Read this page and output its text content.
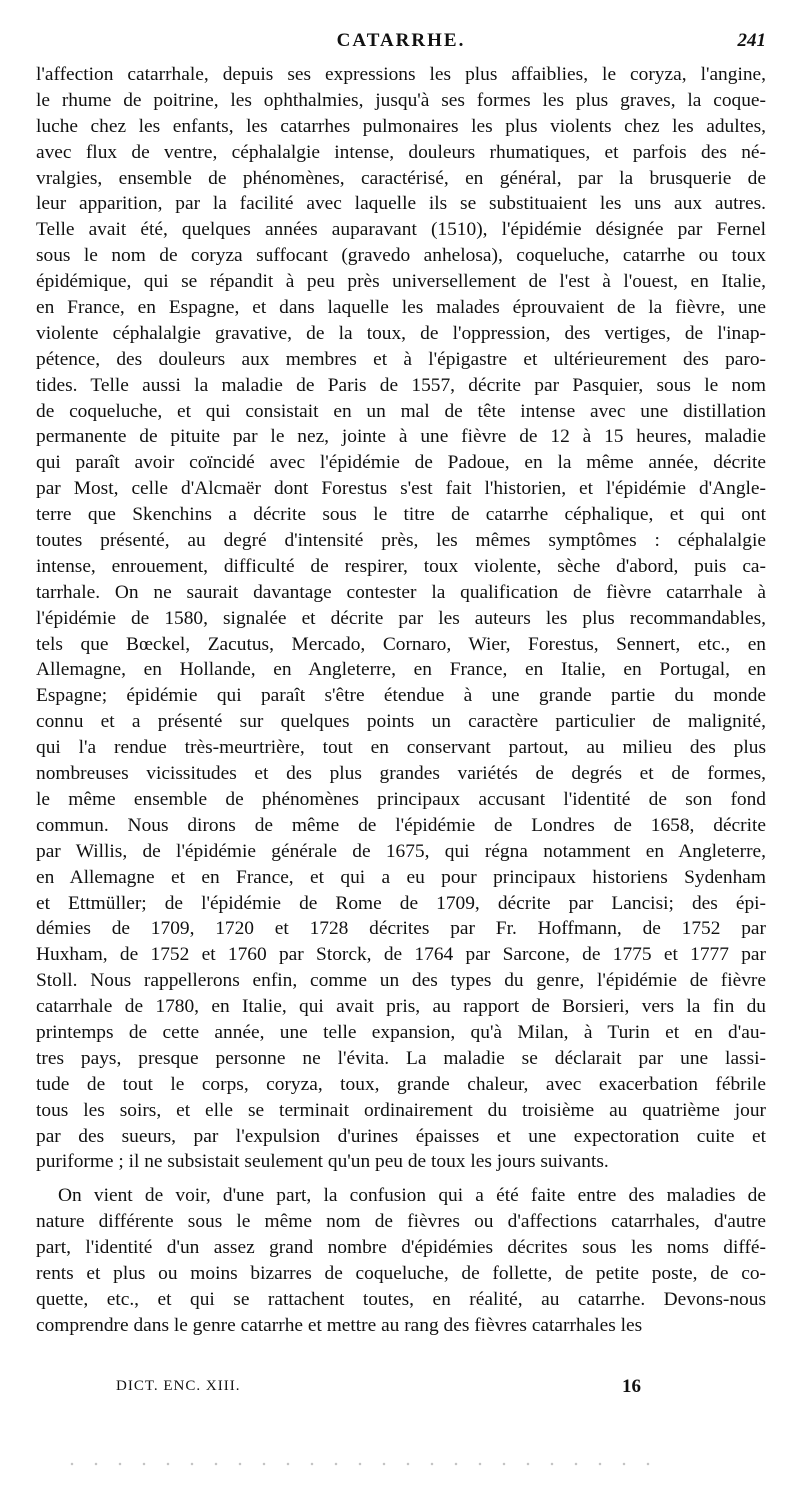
CATARRHE.	241
l'affection catarrhale, depuis ses expressions les plus affaiblies, le coryza, l'angine,
le rhume de poitrine, les ophthalmies, jusqu'à ses formes les plus graves, la coque-
luche chez les enfants, les catarrhes pulmonaires les plus violents chez les adultes,
avec flux de ventre, céphalalgie intense, douleurs rhumatiques, et parfois des né-
vralgies, ensemble de phénomènes, caractérisé, en général, par la brusquerie de
leur apparition, par la facilité avec laquelle ils se substituaient les uns aux autres.
Telle avait été, quelques années auparavant (1510), l'épidémie désignée par Fernel
sous le nom de coryza suffocant (gravedo anhelosa), coqueluche, catarrhe ou toux
épidémique, qui se répandit à peu près universellement de l'est à l'ouest, en Italie,
en France, en Espagne, et dans laquelle les malades éprouvaient de la fièvre, une
violente céphalalgie gravative, de la toux, de l'oppression, des vertiges, de l'inap-
pétence, des douleurs aux membres et à l'épigastre et ultérieurement des paro-
tides. Telle aussi la maladie de Paris de 1557, décrite par Pasquier, sous le nom
de coqueluche, et qui consistait en un mal de tête intense avec une distillation
permanente de pituite par le nez, jointe à une fièvre de 12 à 15 heures, maladie
qui paraît avoir coïncidé avec l'épidémie de Padoue, en la même année, décrite
par Most, celle d'Alcmaër dont Forestus s'est fait l'historien, et l'épidémie d'Angle-
terre que Skenchins a décrite sous le titre de catarrhe céphalique, et qui ont
toutes présenté, au degré d'intensité près, les mêmes symptômes : céphalalgie
intense, enrouement, difficulté de respirer, toux violente, sèche d'abord, puis ca-
tarrhale. On ne saurait davantage contester la qualification de fièvre catarrhale à
l'épidémie de 1580, signalée et décrite par les auteurs les plus recommandables,
tels que Bœckel, Zacutus, Mercado, Cornaro, Wier, Forestus, Sennert, etc., en
Allemagne, en Hollande, en Angleterre, en France, en Italie, en Portugal, en
Espagne; épidémie qui paraît s'être étendue à une grande partie du monde
connu et a présenté sur quelques points un caractère particulier de malignité,
qui l'a rendue très-meurtrière, tout en conservant partout, au milieu des plus
nombreuses vicissitudes et des plus grandes variétés de degrés et de formes,
le même ensemble de phénomènes principaux accusant l'identité de son fond
commun. Nous dirons de même de l'épidémie de Londres de 1658, décrite
par Willis, de l'épidémie générale de 1675, qui régna notamment en Angleterre,
en Allemagne et en France, et qui a eu pour principaux historiens Sydenham
et Ettmüller; de l'épidémie de Rome de 1709, décrite par Lancisi; des épi-
démies de 1709, 1720 et 1728 décrites par Fr. Hoffmann, de 1752 par
Huxham, de 1752 et 1760 par Storck, de 1764 par Sarcone, de 1775 et 1777 par
Stoll. Nous rappellerons enfin, comme un des types du genre, l'épidémie de fièvre
catarrhale de 1780, en Italie, qui avait pris, au rapport de Borsieri, vers la fin du
printemps de cette année, une telle expansion, qu'à Milan, à Turin et en d'au-
tres pays, presque personne ne l'évita. La maladie se déclarait par une lassi-
tude de tout le corps, coryza, toux, grande chaleur, avec exacerbation fébrile
tous les soirs, et elle se terminait ordinairement du troisième au quatrième jour
par des sueurs, par l'expulsion d'urines épaisses et une expectoration cuite et
puriforme ; il ne subsistait seulement qu'un peu de toux les jours suivants.
On vient de voir, d'une part, la confusion qui a été faite entre des maladies de
nature différente sous le même nom de fièvres ou d'affections catarrhales, d'autre
part, l'identité d'un assez grand nombre d'épidémies décrites sous les noms diffé-
rents et plus ou moins bizarres de coqueluche, de follette, de petite poste, de co-
quette, etc., et qui se rattachent toutes, en réalité, au catarrhe. Devons-nous
comprendre dans le genre catarrhe et mettre au rang des fièvres catarrhales les
DICT. ENC. XIII.	16
